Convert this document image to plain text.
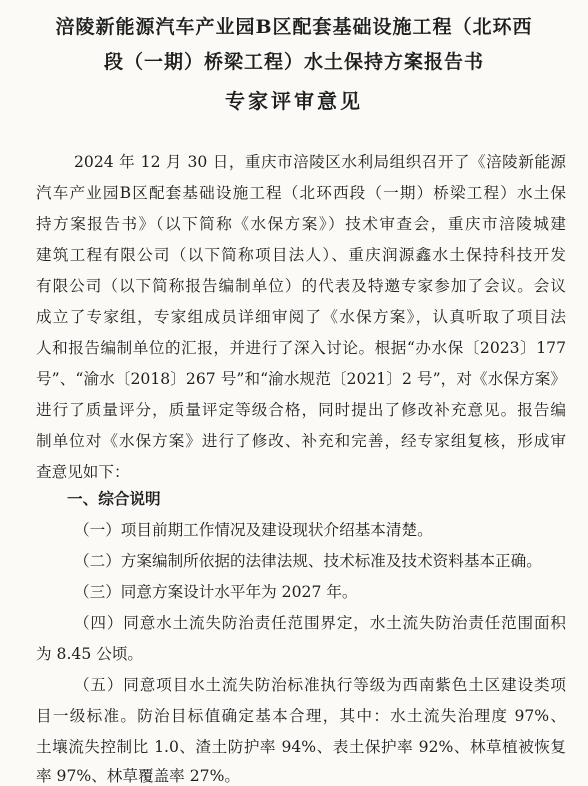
涪陵新能源汽车产业园B区配套基础设施工程（北环西
段（一期）桥梁工程）水土保持方案报告书
专家评审意见
2024 年 12 月 30 日，重庆市涪陵区水利局组织召开了《涪陵新能源
汽车产业园B区配套基础设施工程（北环西段（一期）桥梁工程）水土保
持方案报告书》（以下简称《水保方案》）技术审查会，重庆市涪陵城建
建筑工程有限公司（以下简称项目法人）、重庆润源鑫水土保持科技开发
有限公司（以下简称报告编制单位）的代表及特邀专家参加了会议。会议
成立了专家组，专家组成员详细审阅了《水保方案》，认真听取了项目法
人和报告编制单位的汇报，并进行了深入讨论。根据“办水保〔2023〕177
号”、“渝水〔2018〕267 号”和“渝水规范〔2021〕2 号”，对《水保方案》
进行了质量评分，质量评定等级合格，同时提出了修改补充意见。报告编
制单位对《水保方案》进行了修改、补充和完善，经专家组复核，形成审
查意见如下：
一、综合说明
（一）项目前期工作情况及建设现状介绍基本清楚。
（二）方案编制所依据的法律法规、技术标准及技术资料基本正确。
（三）同意方案设计水平年为 2027 年。
（四）同意水土流失防治责任范围界定，水土流失防治责任范围面积
为 8.45 公顷。
（五）同意项目水土流失防治标准执行等级为西南紫色土区建设类项
目一级标准。防治目标值确定基本合理，其中：水土流失治理度 97%、
土壤流失控制比 1.0、渣土防护率 94%、表土保护率 92%、林草植被恢复
率 97%、林草覆盖率 27%。
